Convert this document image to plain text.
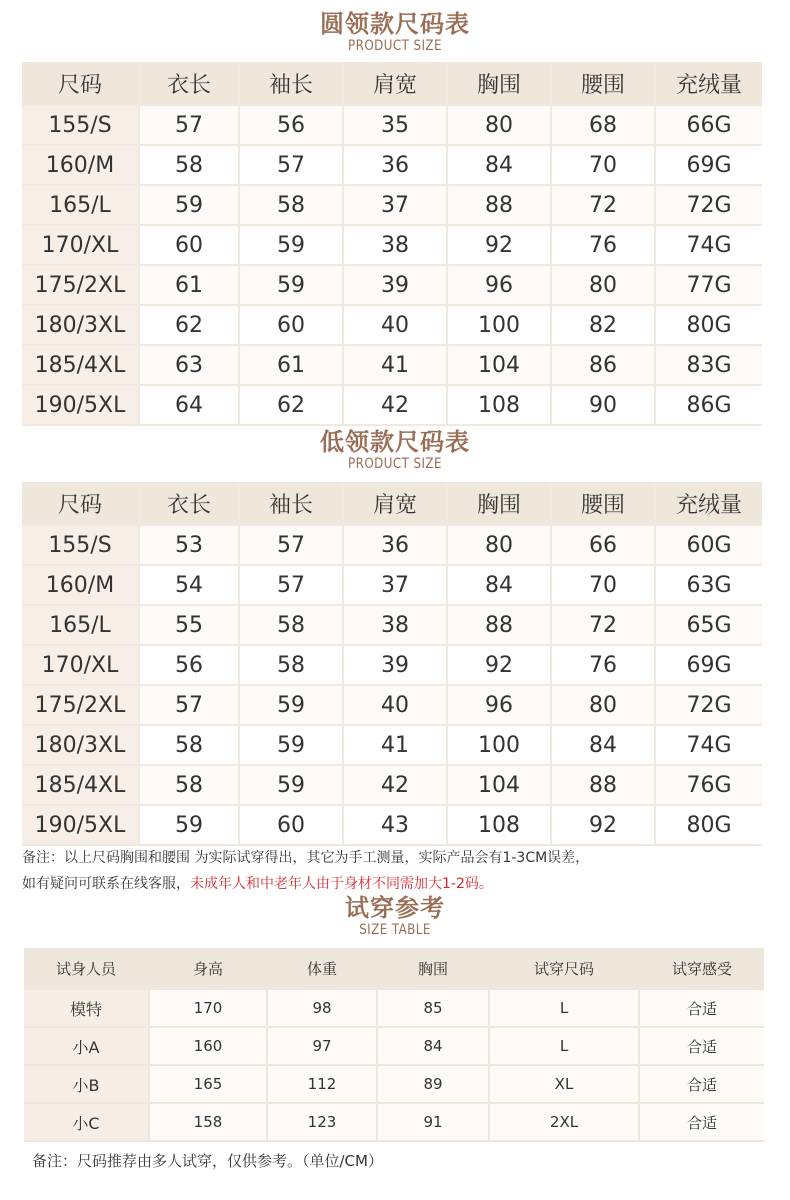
圆领款尺码表
PRODUCT SIZE
尺码	衣长	袖长	肩宽	胸围	腰围	充绒量
155/S	57	56	35	80	68	66G
160/M	58	57	36	84	70	69G
165/L	59	58	37	88	72	72G
170/XL	60	59	38	92	76	74G
175/2XL	61	59	39	96	80	77G
180/3XL	62	60	40	100	82	80G
185/4XL	63	61	41	104	86	83G
190/5XL	64	62	42	108	90	86G
低领款尺码表
PRODUCT SIZE
尺码	衣长	袖长	肩宽	胸围	腰围	充绒量
155/S	53	57	36	80	66	60G
160/M	54	57	37	84	70	63G
165/L	55	58	38	88	72	65G
170/XL	56	58	39	92	76	69G
175/2XL	57	59	40	96	80	72G
180/3XL	58	59	41	100	84	74G
185/4XL	58	59	42	104	88	76G
190/5XL	59	60	43	108	92	80G
备注：以上尺码胸围和腰围 为实际试穿得出，其它为手工测量，实际产品会有1-3CM误差，
如有疑问可联系在线客服，未成年人和中老年人由于身材不同需加大1-2码。
试穿参考
SIZE TABLE
试身人员	身高	体重	胸围	试穿尺码	试穿感受
模特	170	98	85	L	合适
小A	160	97	84	L	合适
小B	165	112	89	XL	合适
小C	158	123	91	2XL	合适
备注：尺码推荐由多人试穿，仅供参考。（单位/CM）
